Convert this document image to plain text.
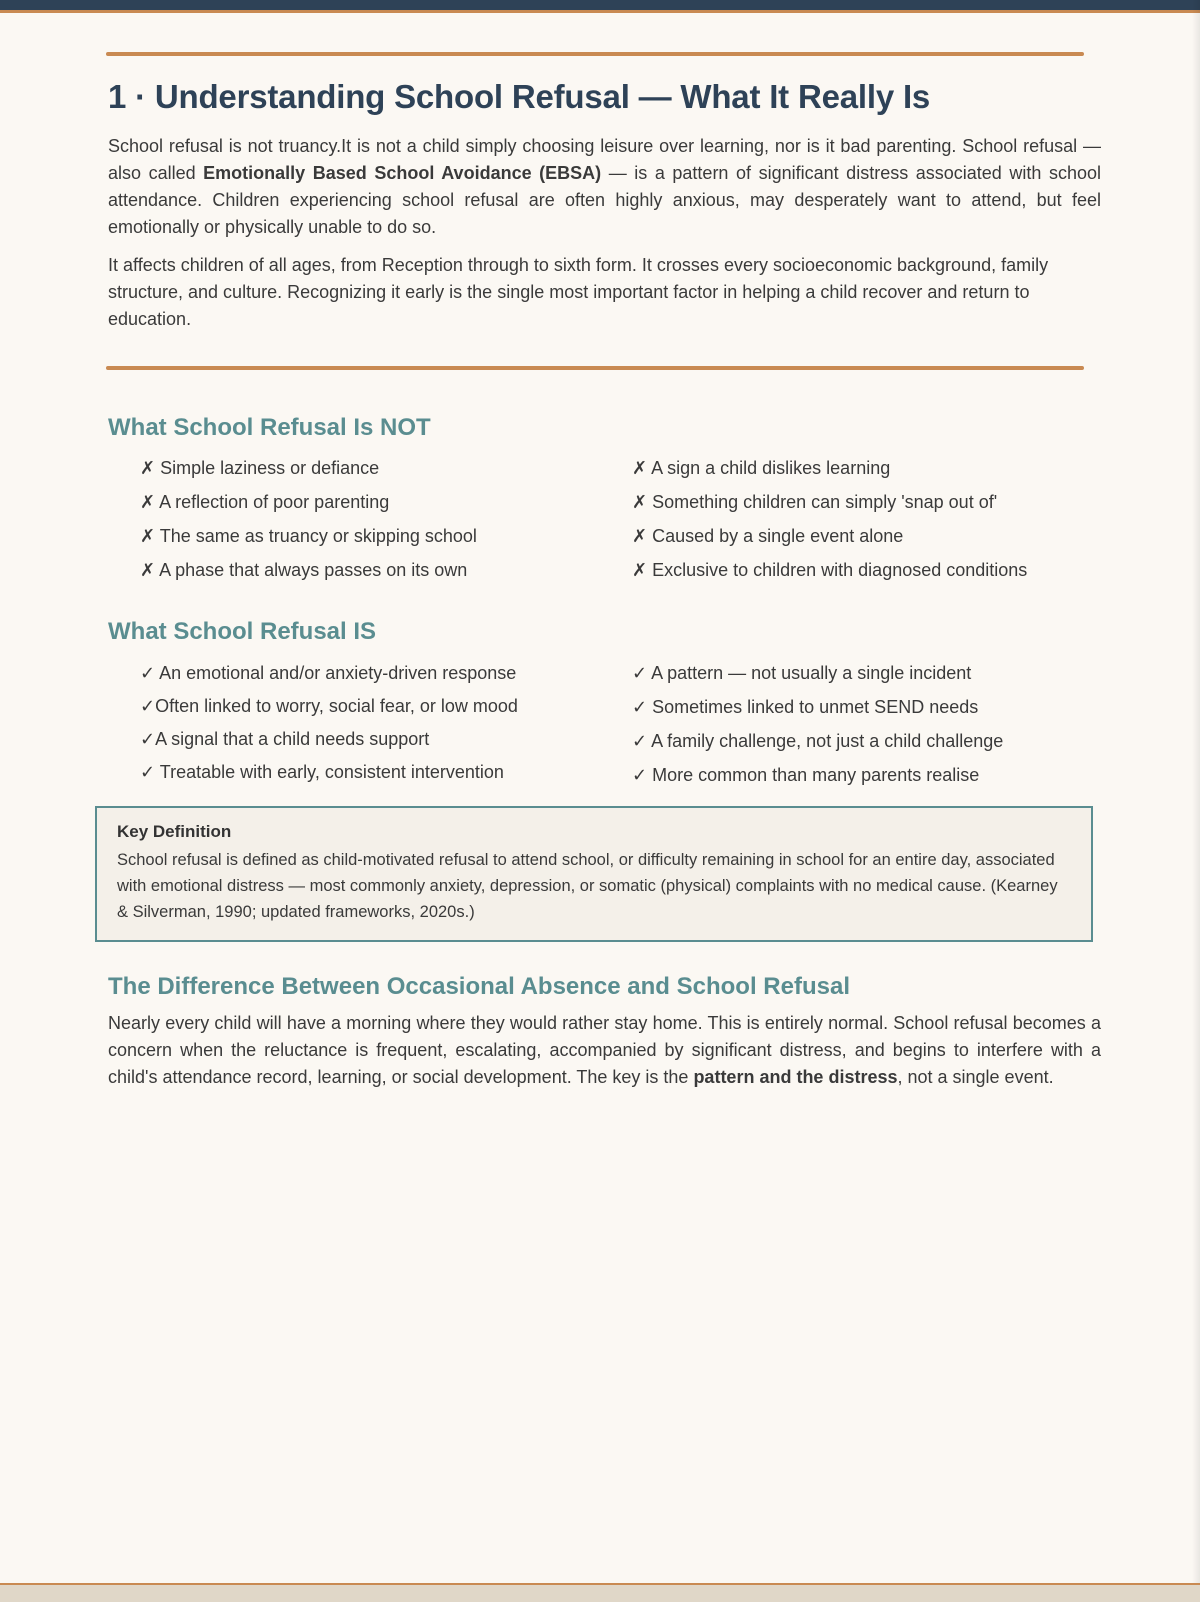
1 · Understanding School Refusal — What It Really Is

School refusal is not truancy.It is not a child simply choosing leisure over learning, nor is it bad parenting. School refusal — also called Emotionally Based School Avoidance (EBSA) — is a pattern of significant distress associated with school attendance. Children experiencing school refusal are often highly anxious, may desperately want to attend, but feel emotionally or physically unable to do so.

It affects children of all ages, from Reception through to sixth form. It crosses every socioeconomic background, family structure, and culture. Recognizing it early is the single most important factor in helping a child recover and return to education.

What School Refusal Is NOT
✗ Simple laziness or defiance
✗ A reflection of poor parenting
✗ The same as truancy or skipping school
✗ A phase that always passes on its own
✗ A sign a child dislikes learning
✗ Something children can simply 'snap out of'
✗ Caused by a single event alone
✗ Exclusive to children with diagnosed conditions
What School Refusal IS
✓ An emotional and/or anxiety-driven response
✓Often linked to worry, social fear, or low mood
✓A signal that a child needs support
✓ Treatable with early, consistent intervention
✓ A pattern — not usually a single incident
✓ Sometimes linked to unmet SEND needs
✓ A family challenge, not just a child challenge
✓ More common than many parents realise

Key Definition

School refusal is defined as child-motivated refusal to attend school, or difficulty remaining in school for an entire day, associated with emotional distress — most commonly anxiety, depression, or somatic (physical) complaints with no medical cause. (Kearney & Silverman, 1990; updated frameworks, 2020s.)

The Difference Between Occasional Absence and School Refusal

Nearly every child will have a morning where they would rather stay home. This is entirely normal. School refusal becomes a concern when the reluctance is frequent, escalating, accompanied by significant distress, and begins to interfere with a child's attendance record, learning, or social development. The key is the pattern and the distress, not a single event.
